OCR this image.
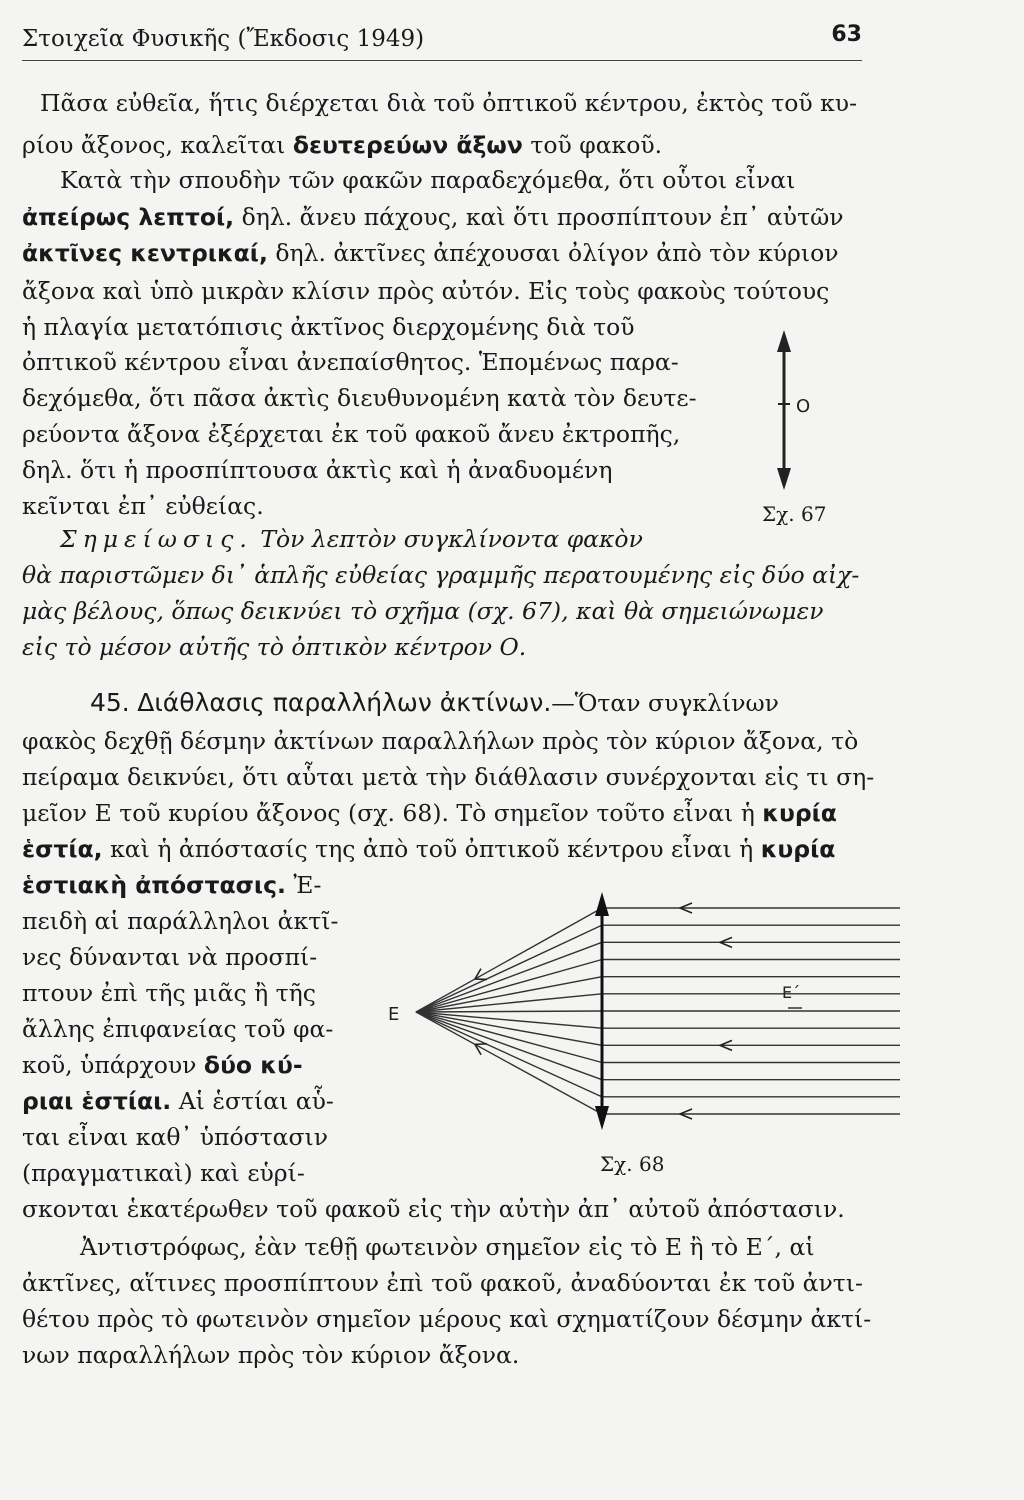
Στοιχεῖα Φυσικῆς (Ἔκδοσις 1949)	63
Πᾶσα εὐθεῖα, ἥτις διέρχεται διὰ τοῦ ὀπτικοῦ κέντρου, ἐκτὸς τοῦ κυ-
ρίου ἄξονος, καλεῖται δευτερεύων ἄξων τοῦ φακοῦ.
Κατὰ τὴν σπουδὴν τῶν φακῶν παραδεχόμεθα, ὅτι οὗτοι εἶναι
ἀπείρως λεπτοί, δηλ. ἄνευ πάχους, καὶ ὅτι προσπίπτουν ἐπ᾽ αὐτῶν
ἀκτῖνες κεντρικαί, δηλ. ἀκτῖνες ἀπέχουσαι ὀλίγον ἀπὸ τὸν κύριον
ἄξονα καὶ ὑπὸ μικρὰν κλίσιν πρὸς αὐτόν. Εἰς τοὺς φακοὺς τούτους
ἡ πλαγία μετατόπισις ἀκτῖνος διερχομένης διὰ τοῦ
ὀπτικοῦ κέντρου εἶναι ἀνεπαίσθητος. Ἑπομένως παρα-
δεχόμεθα, ὅτι πᾶσα ἀκτὶς διευθυνομένη κατὰ τὸν δευτε-
ρεύοντα ἄξονα ἐξέρχεται ἐκ τοῦ φακοῦ ἄνευ ἐκτροπῆς,
δηλ. ὅτι ἡ προσπίπτουσα ἀκτὶς καὶ ἡ ἀναδυομένη
κεῖνται ἐπ᾽ εὐθείας.
O
Σχ. 67
Σημείωσις. Τὸν λεπτὸν συγκλίνοντα φακὸν
θὰ παριστῶμεν δι᾽ ἁπλῆς εὐθείας γραμμῆς περατουμένης εἰς δύο αἰχ-
μὰς βέλους, ὅπως δεικνύει τὸ σχῆμα (σχ. 67), καὶ θὰ σημειώνωμεν
εἰς τὸ μέσον αὐτῆς τὸ ὀπτικὸν κέντρον Ο.
45. Διάθλασις παραλλήλων ἀκτίνων.—Ὅταν συγκλίνων
φακὸς δεχθῇ δέσμην ἀκτίνων παραλλήλων πρὸς τὸν κύριον ἄξονα, τὸ
πείραμα δεικνύει, ὅτι αὗται μετὰ τὴν διάθλασιν συνέρχονται εἰς τι ση-
μεῖον Ε τοῦ κυρίου ἄξονος (σχ. 68). Τὸ σημεῖον τοῦτο εἶναι ἡ κυρία
ἑστία, καὶ ἡ ἀπόστασίς της ἀπὸ τοῦ ὀπτικοῦ κέντρου εἶναι ἡ κυρία
ἑστιακὴ ἀπόστασις. Ἐ-
πειδὴ αἱ παράλληλοι ἀκτῖ-
νες δύνανται νὰ προσπί-
πτουν ἐπὶ τῆς μιᾶς ἢ τῆς
ἄλλης ἐπιφανείας τοῦ φα-
κοῦ, ὑπάρχουν δύο κύ-
ριαι ἑστίαι. Αἱ ἑστίαι αὗ-
ται εἶναι καθ᾽ ὑπόστασιν
(πραγματικαὶ) καὶ εὑρί-
σκονται ἑκατέρωθεν τοῦ φακοῦ εἰς τὴν αὐτὴν ἀπ᾽ αὐτοῦ ἀπόστασιν.
Ἀντιστρόφως, ἐὰν τεθῇ φωτεινὸν σημεῖον εἰς τὸ Ε ἢ τὸ Ε΄, αἱ
ἀκτῖνες, αἵτινες προσπίπτουν ἐπὶ τοῦ φακοῦ, ἀναδύονται ἐκ τοῦ ἀντι-
θέτου πρὸς τὸ φωτεινὸν σημεῖον μέρους καὶ σχηματίζουν δέσμην ἀκτί-
νων παραλλήλων πρὸς τὸν κύριον ἄξονα.
E
E΄
Σχ. 68
